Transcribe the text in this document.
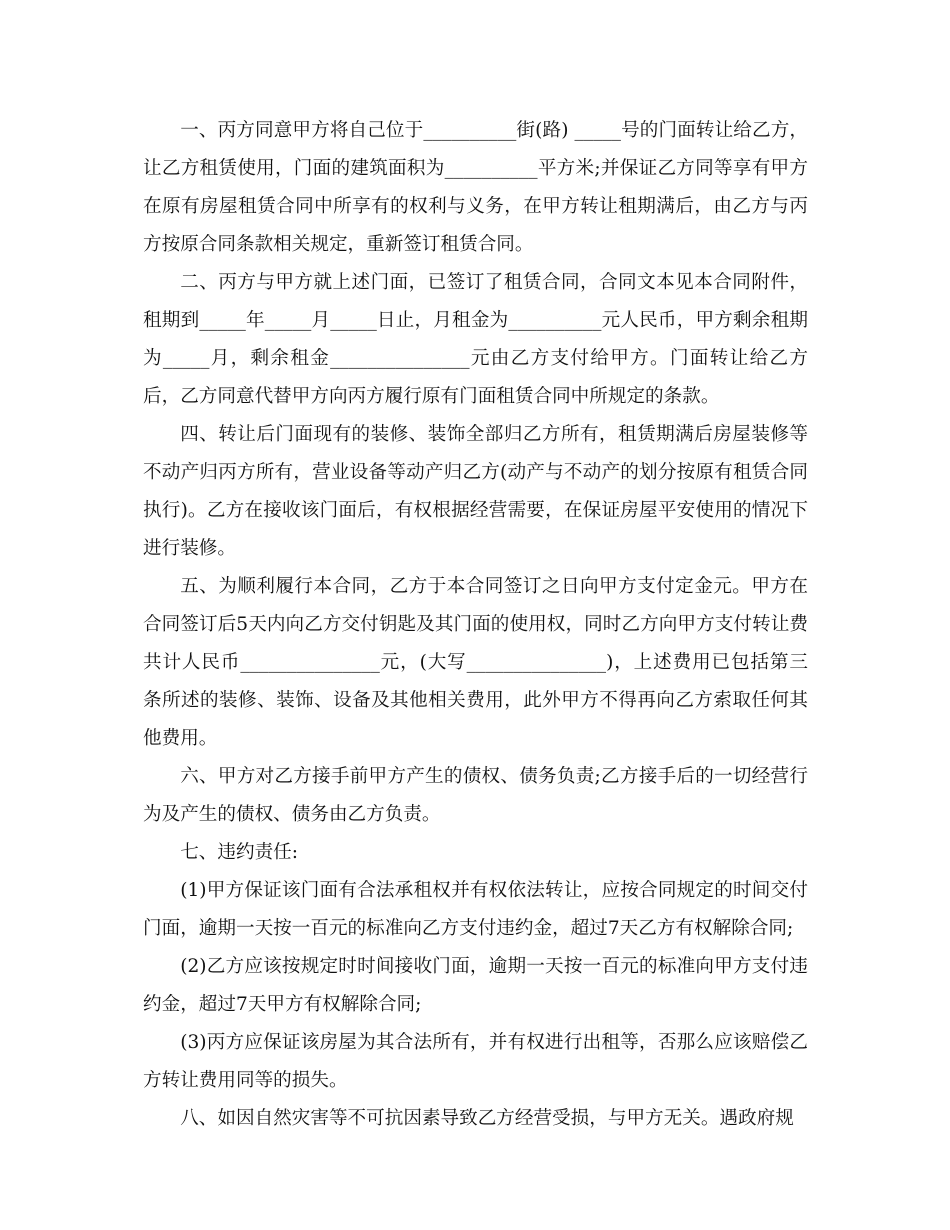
一、丙方同意甲方将自己位于__________街(路) _____号的门面转让给乙方，让乙方租赁使用，门面的建筑面积为__________平方米;并保证乙方同等享有甲方在原有房屋租赁合同中所享有的权利与义务，在甲方转让租期满后，由乙方与丙方按原合同条款相关规定，重新签订租赁合同。

二、丙方与甲方就上述门面，已签订了租赁合同，合同文本见本合同附件，租期到_____年_____月_____日止，月租金为__________元人民币，甲方剩余租期为_____月，剩余租金_______________元由乙方支付给甲方。门面转让给乙方后，乙方同意代替甲方向丙方履行原有门面租赁合同中所规定的条款。

四、转让后门面现有的装修、装饰全部归乙方所有，租赁期满后房屋装修等不动产归丙方所有，营业设备等动产归乙方(动产与不动产的划分按原有租赁合同执行)。乙方在接收该门面后，有权根据经营需要，在保证房屋平安使用的情况下进行装修。

五、为顺利履行本合同，乙方于本合同签订之日向甲方支付定金元。甲方在合同签订后5天内向乙方交付钥匙及其门面的使用权，同时乙方向甲方支付转让费共计人民币_______________元，(大写_______________)，上述费用已包括第三条所述的装修、装饰、设备及其他相关费用，此外甲方不得再向乙方索取任何其他费用。

六、甲方对乙方接手前甲方产生的债权、债务负责;乙方接手后的一切经营行为及产生的债权、债务由乙方负责。

七、违约责任:

(1)甲方保证该门面有合法承租权并有权依法转让，应按合同规定的时间交付门面，逾期一天按一百元的标准向乙方支付违约金，超过7天乙方有权解除合同;

(2)乙方应该按规定时时间接收门面，逾期一天按一百元的标准向甲方支付违约金，超过7天甲方有权解除合同;

(3)丙方应保证该房屋为其合法所有，并有权进行出租等，否那么应该赔偿乙方转让费用同等的损失。

八、如因自然灾害等不可抗因素导致乙方经营受损，与甲方无关。遇政府规
